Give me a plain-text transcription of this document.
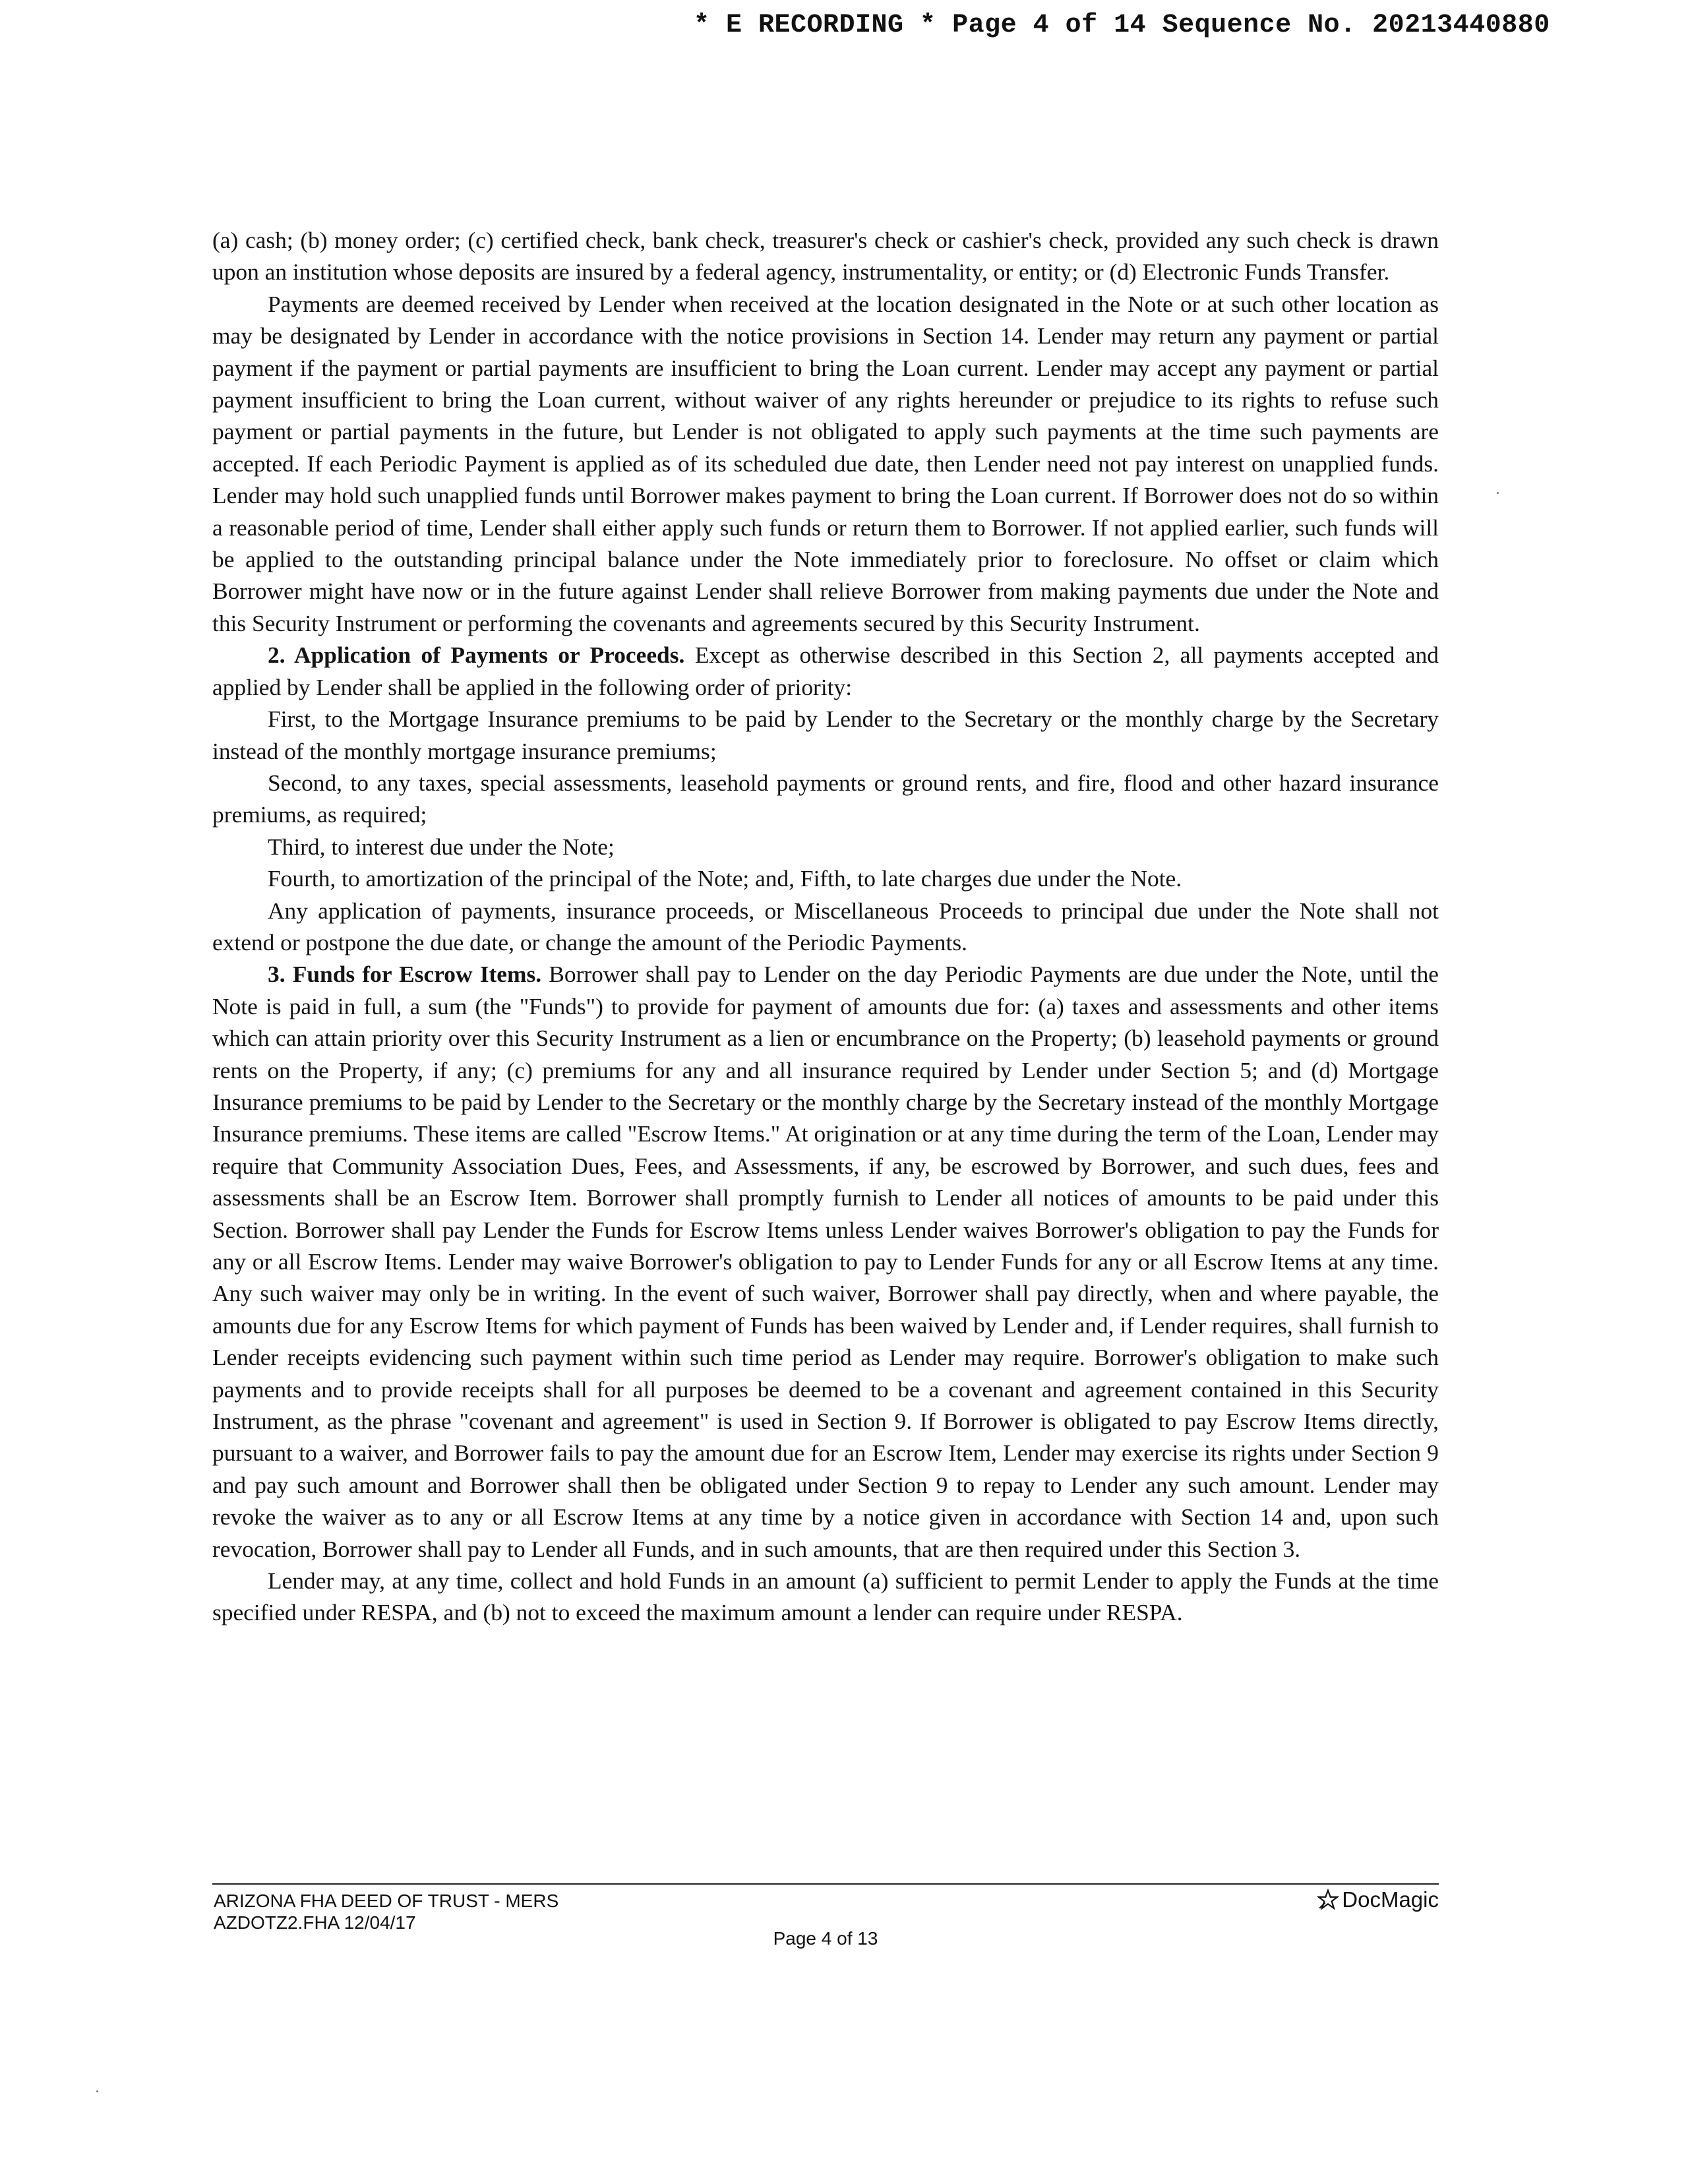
* E RECORDING * Page 4 of 14 Sequence No. 20213440880

(a) cash; (b) money order; (c) certified check, bank check, treasurer's check or cashier's check, provided any such check is drawn upon an institution whose deposits are insured by a federal agency, instrumentality, or entity; or (d) Electronic Funds Transfer.

Payments are deemed received by Lender when received at the location designated in the Note or at such other location as may be designated by Lender in accordance with the notice provisions in Section 14. Lender may return any payment or partial payment if the payment or partial payments are insufficient to bring the Loan current. Lender may accept any payment or partial payment insufficient to bring the Loan current, without waiver of any rights hereunder or prejudice to its rights to refuse such payment or partial payments in the future, but Lender is not obligated to apply such payments at the time such payments are accepted. If each Periodic Payment is applied as of its scheduled due date, then Lender need not pay interest on unapplied funds. Lender may hold such unapplied funds until Borrower makes payment to bring the Loan current. If Borrower does not do so within a reasonable period of time, Lender shall either apply such funds or return them to Borrower. If not applied earlier, such funds will be applied to the outstanding principal balance under the Note immediately prior to foreclosure. No offset or claim which Borrower might have now or in the future against Lender shall relieve Borrower from making payments due under the Note and this Security Instrument or performing the covenants and agreements secured by this Security Instrument.

2. Application of Payments or Proceeds. Except as otherwise described in this Section 2, all payments accepted and applied by Lender shall be applied in the following order of priority:

First, to the Mortgage Insurance premiums to be paid by Lender to the Secretary or the monthly charge by the Secretary instead of the monthly mortgage insurance premiums;

Second, to any taxes, special assessments, leasehold payments or ground rents, and fire, flood and other hazard insurance premiums, as required;

Third, to interest due under the Note;

Fourth, to amortization of the principal of the Note; and, Fifth, to late charges due under the Note.

Any application of payments, insurance proceeds, or Miscellaneous Proceeds to principal due under the Note shall not extend or postpone the due date, or change the amount of the Periodic Payments.

3. Funds for Escrow Items. Borrower shall pay to Lender on the day Periodic Payments are due under the Note, until the Note is paid in full, a sum (the "Funds") to provide for payment of amounts due for: (a) taxes and assessments and other items which can attain priority over this Security Instrument as a lien or encumbrance on the Property; (b) leasehold payments or ground rents on the Property, if any; (c) premiums for any and all insurance required by Lender under Section 5; and (d) Mortgage Insurance premiums to be paid by Lender to the Secretary or the monthly charge by the Secretary instead of the monthly Mortgage Insurance premiums. These items are called "Escrow Items." At origination or at any time during the term of the Loan, Lender may require that Community Association Dues, Fees, and Assessments, if any, be escrowed by Borrower, and such dues, fees and assessments shall be an Escrow Item. Borrower shall promptly furnish to Lender all notices of amounts to be paid under this Section. Borrower shall pay Lender the Funds for Escrow Items unless Lender waives Borrower's obligation to pay the Funds for any or all Escrow Items. Lender may waive Borrower's obligation to pay to Lender Funds for any or all Escrow Items at any time. Any such waiver may only be in writing. In the event of such waiver, Borrower shall pay directly, when and where payable, the amounts due for any Escrow Items for which payment of Funds has been waived by Lender and, if Lender requires, shall furnish to Lender receipts evidencing such payment within such time period as Lender may require. Borrower's obligation to make such payments and to provide receipts shall for all purposes be deemed to be a covenant and agreement contained in this Security Instrument, as the phrase "covenant and agreement" is used in Section 9. If Borrower is obligated to pay Escrow Items directly, pursuant to a waiver, and Borrower fails to pay the amount due for an Escrow Item, Lender may exercise its rights under Section 9 and pay such amount and Borrower shall then be obligated under Section 9 to repay to Lender any such amount. Lender may revoke the waiver as to any or all Escrow Items at any time by a notice given in accordance with Section 14 and, upon such revocation, Borrower shall pay to Lender all Funds, and in such amounts, that are then required under this Section 3.

Lender may, at any time, collect and hold Funds in an amount (a) sufficient to permit Lender to apply the Funds at the time specified under RESPA, and (b) not to exceed the maximum amount a lender can require under RESPA.

ARIZONA FHA DEED OF TRUST - MERS
AZDOTZ2.FHA 12/04/17
DocMagic
Page 4 of 13
